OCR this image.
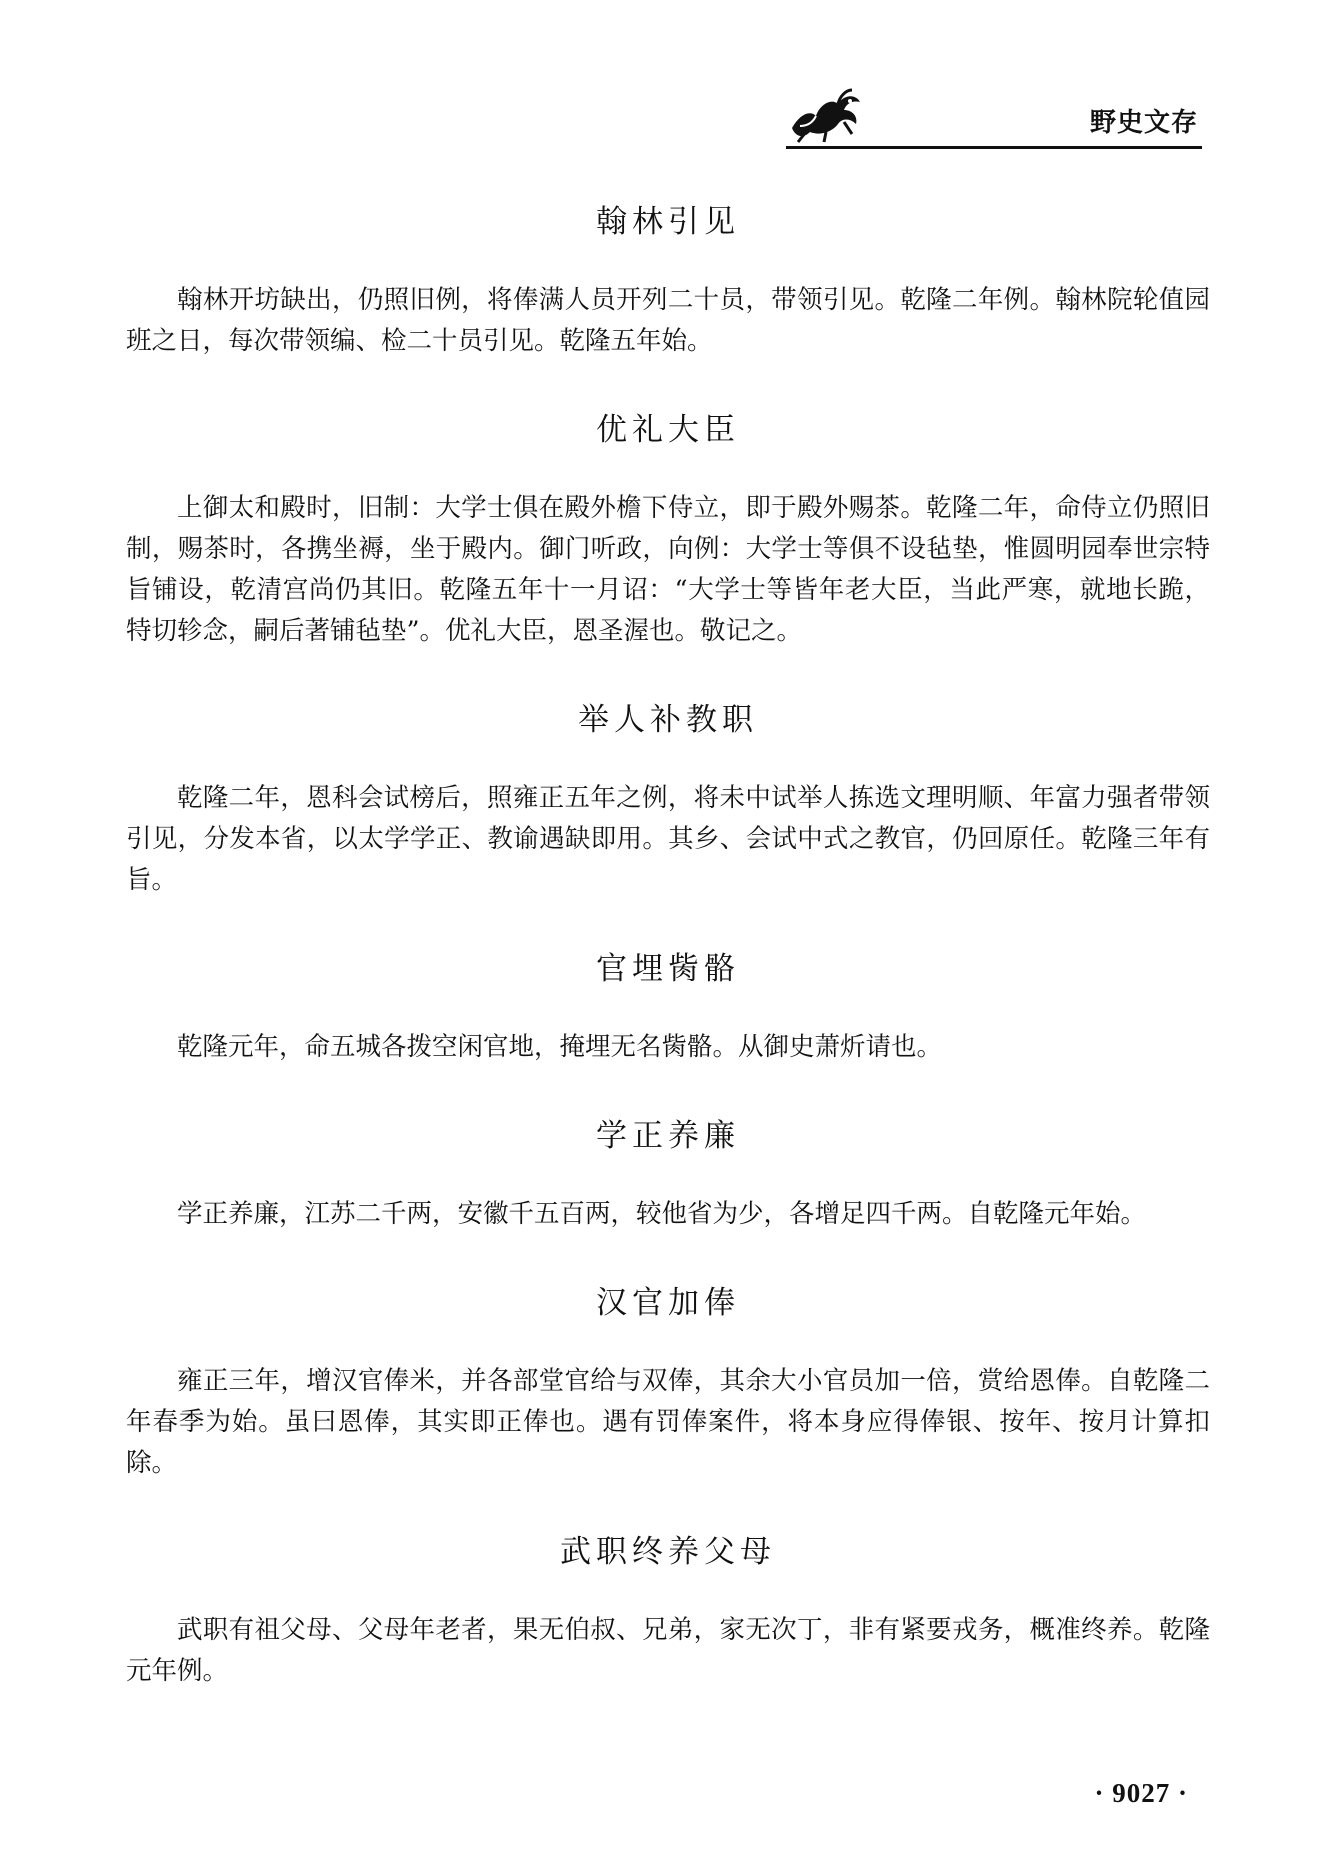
野史文存
翰林引见

翰林开坊缺出，仍照旧例，将俸满人员开列二十员，带领引见。乾隆二年例。翰林院轮值园班之日，每次带领编、检二十员引见。乾隆五年始。

优礼大臣

上御太和殿时，旧制：大学士俱在殿外檐下侍立，即于殿外赐茶。乾隆二年，命侍立仍照旧制，赐茶时，各携坐褥，坐于殿内。御门听政，向例：大学士等俱不设毡垫，惟圆明园奉世宗特旨铺设，乾清宫尚仍其旧。乾隆五年十一月诏：“大学士等皆年老大臣，当此严寒，就地长跪，特切轸念，嗣后著铺毡垫”。优礼大臣，恩圣渥也。敬记之。

举人补教职

乾隆二年，恩科会试榜后，照雍正五年之例，将未中试举人拣选文理明顺、年富力强者带领引见，分发本省，以太学学正、教谕遇缺即用。其乡、会试中式之教官，仍回原任。乾隆三年有旨。

官埋胔骼

乾隆元年，命五城各拨空闲官地，掩埋无名胔骼。从御史萧炘请也。

学正养廉

学正养廉，江苏二千两，安徽千五百两，较他省为少，各增足四千两。自乾隆元年始。

汉官加俸

雍正三年，增汉官俸米，并各部堂官给与双俸，其余大小官员加一倍，赏给恩俸。自乾隆二年春季为始。虽曰恩俸，其实即正俸也。遇有罚俸案件，将本身应得俸银、按年、按月计算扣除。

武职终养父母

武职有祖父母、父母年老者，果无伯叔、兄弟，家无次丁，非有紧要戎务，概准终养。乾隆元年例。

· 9027 ·
